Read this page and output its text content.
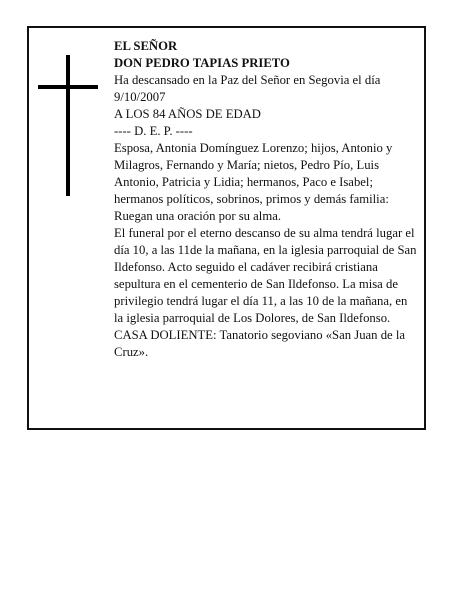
EL SEÑOR

DON PEDRO TAPIAS PRIETO

Ha descansado en la Paz del Señor en Segovia el día 9/10/2007

A LOS 84 AÑOS DE EDAD

---- D. E. P. ----

Esposa, Antonia Domínguez Lorenzo; hijos, Antonio y Milagros, Fernando y María; nietos, Pedro Pío, Luis Antonio, Patricia y Lidia; hermanos, Paco e Isabel; hermanos políticos, sobrinos, primos y demás familia: Ruegan una oración por su alma.

El funeral por el eterno descanso de su alma tendrá lugar el día 10, a las 11de la mañana, en la iglesia parroquial de San Ildefonso. Acto seguido el cadáver recibirá cristiana sepultura en el cementerio de San Ildefonso. La misa de privilegio tendrá lugar el día 11, a las 10 de la mañana, en la iglesia parroquial de Los Dolores, de San Ildefonso.

CASA DOLIENTE: Tanatorio segoviano «San Juan de la Cruz».
